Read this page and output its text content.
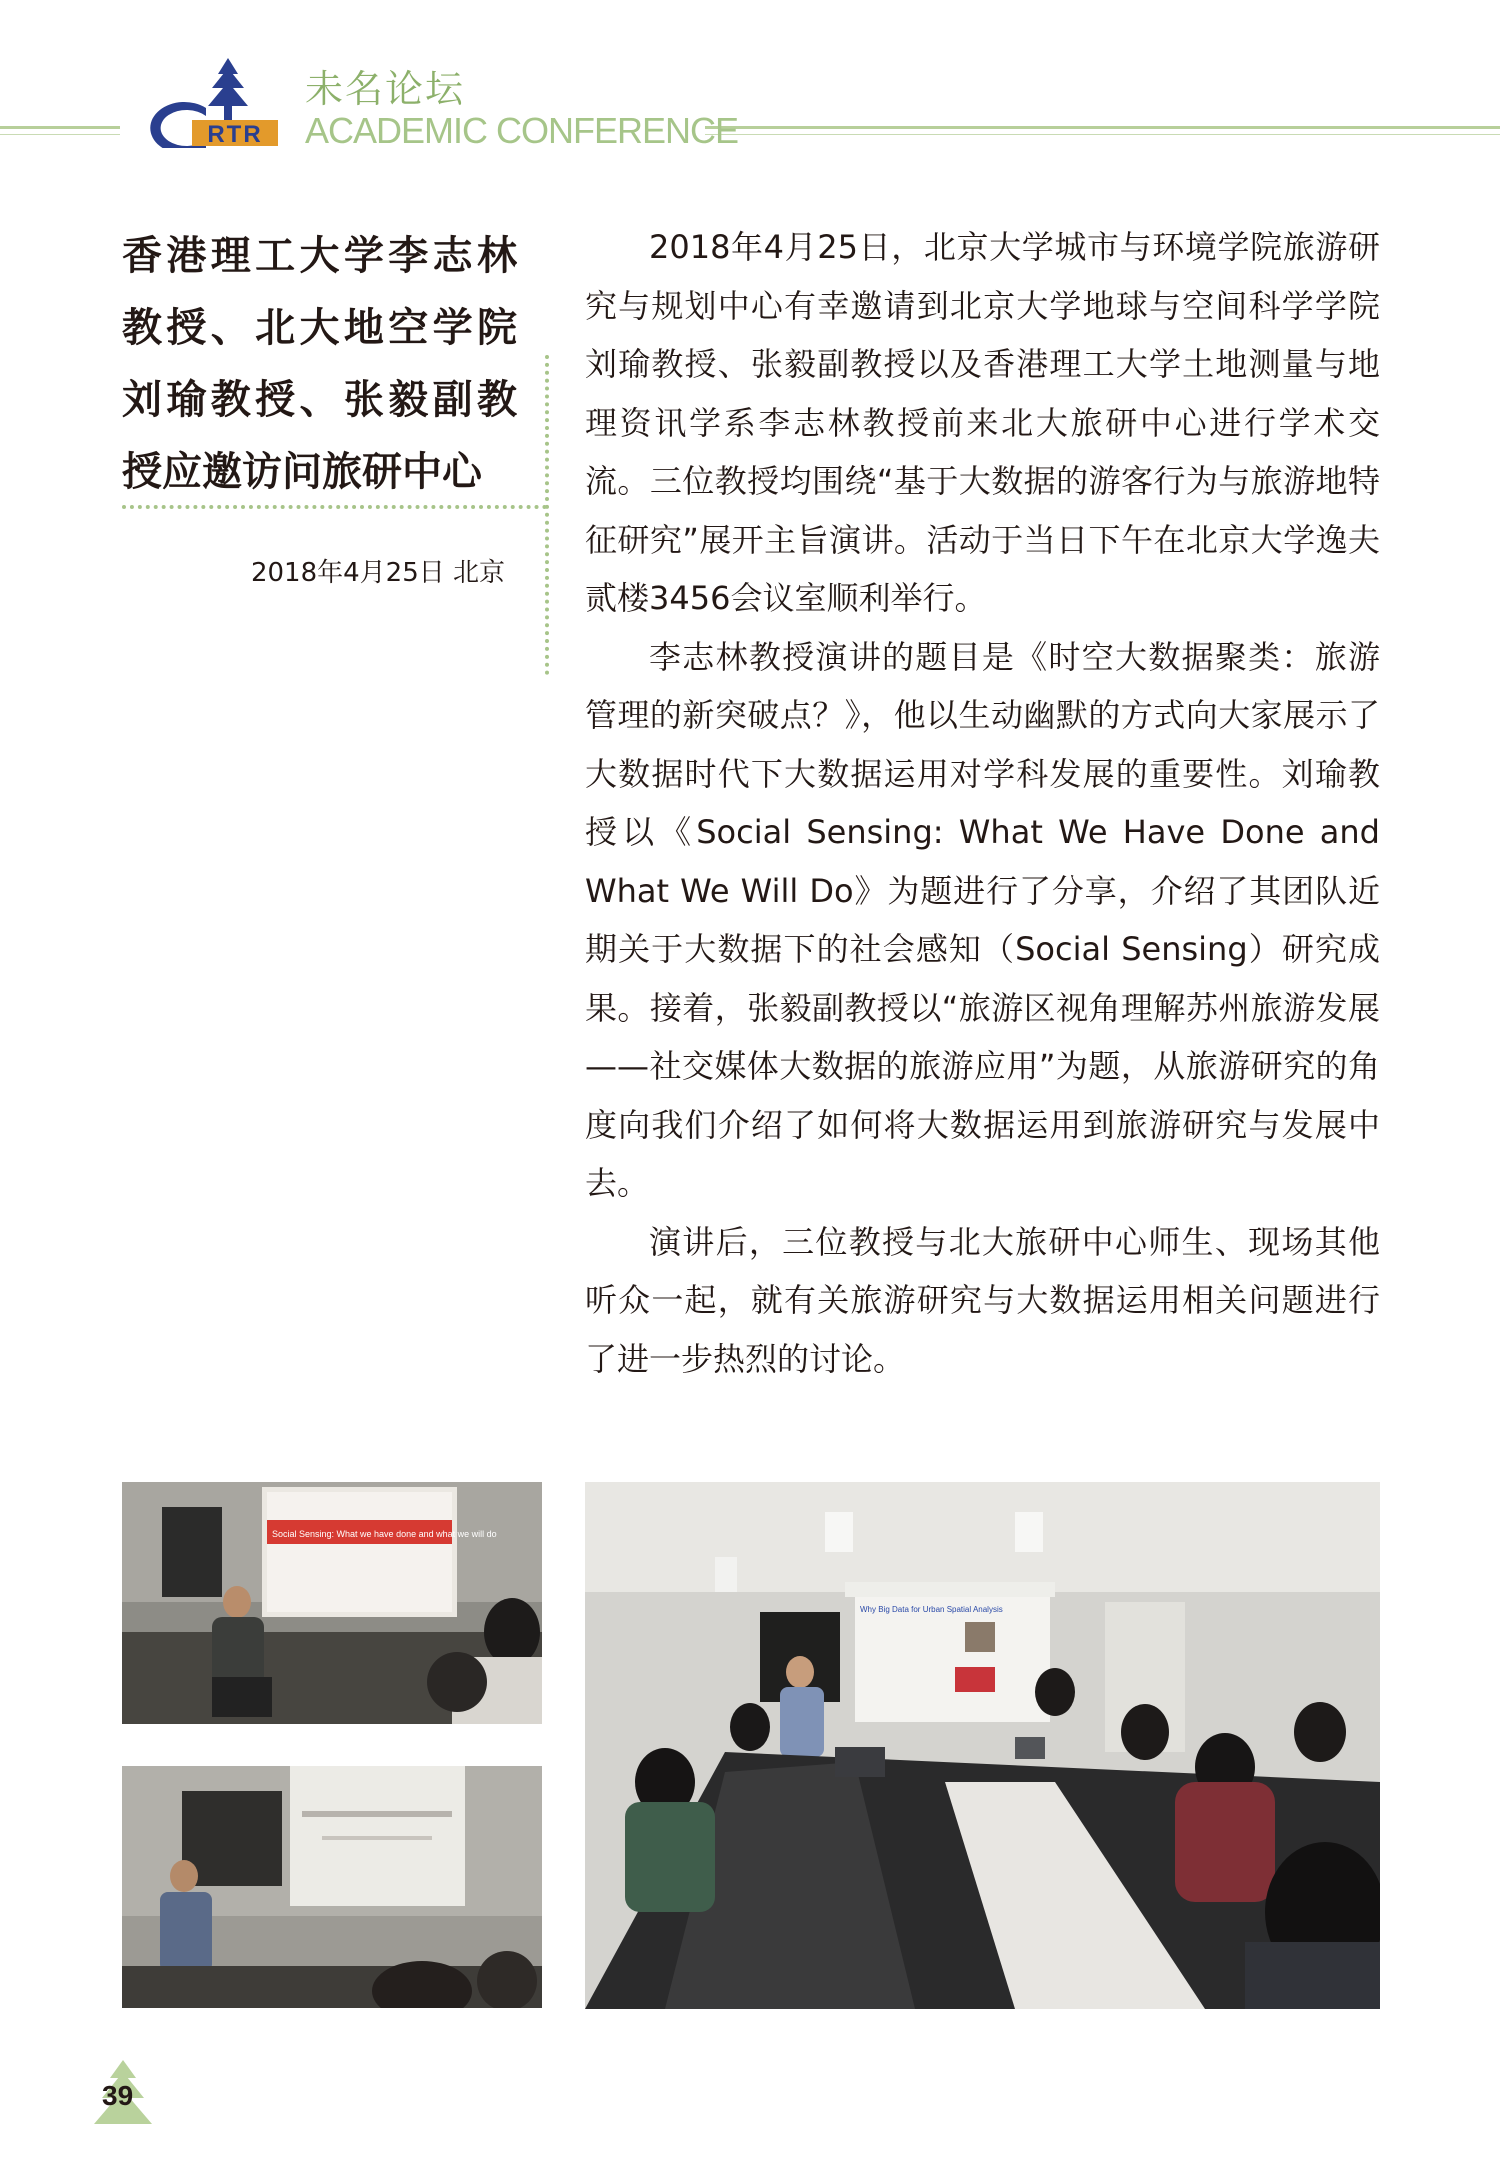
RTR
未名论坛
ACADEMIC CONFERENCE
香港理工大学李志林教授、北大地空学院刘瑜教授、张毅副教授应邀访问旅研中心
2018年4月25日 北京

2018年4月25日，北京大学城市与环境学院旅游研究与规划中心有幸邀请到北京大学地球与空间科学学院刘瑜教授、张毅副教授以及香港理工大学土地测量与地理资讯学系李志林教授前来北大旅研中心进行学术交流。三位教授均围绕“基于大数据的游客行为与旅游地特征研究”展开主旨演讲。活动于当日下午在北京大学逸夫贰楼3456会议室顺利举行。

李志林教授演讲的题目是《时空大数据聚类：旅游管理的新突破点？》，他以生动幽默的方式向大家展示了大数据时代下大数据运用对学科发展的重要性。刘瑜教授以《Social Sensing: What We Have Done and What We Will Do》为题进行了分享，介绍了其团队近期关于大数据下的社会感知（Social Sensing）研究成果。接着，张毅副教授以“旅游区视角理解苏州旅游发展——社交媒体大数据的旅游应用”为题，从旅游研究的角度向我们介绍了如何将大数据运用到旅游研究与发展中去。

演讲后，三位教授与北大旅研中心师生、现场其他听众一起，就有关旅游研究与大数据运用相关问题进行了进一步热烈的讨论。

Social Sensing: What we have done and what we will do
Why Big Data for Urban Spatial Analysis
39
